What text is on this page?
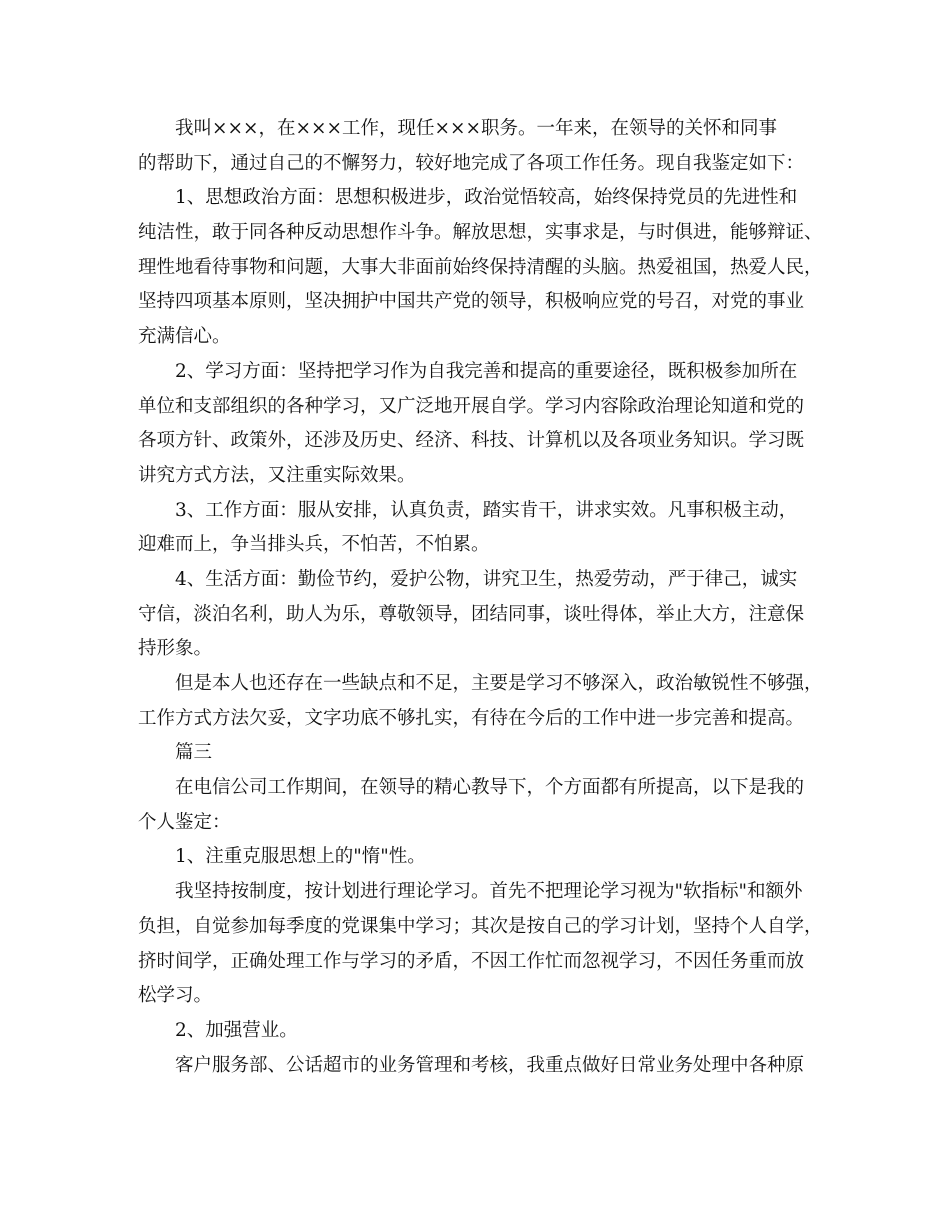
我叫×××，在×××工作，现任×××职务。一年来，在领导的关怀和同事
的帮助下，通过自己的不懈努力，较好地完成了各项工作任务。现自我鉴定如下：
1、思想政治方面：思想积极进步，政治觉悟较高，始终保持党员的先进性和
纯洁性，敢于同各种反动思想作斗争。解放思想，实事求是，与时俱进，能够辩证、
理性地看待事物和问题，大事大非面前始终保持清醒的头脑。热爱祖国，热爱人民，
坚持四项基本原则，坚决拥护中国共产党的领导，积极响应党的号召，对党的事业
充满信心。
2、学习方面：坚持把学习作为自我完善和提高的重要途径，既积极参加所在
单位和支部组织的各种学习，又广泛地开展自学。学习内容除政治理论知道和党的
各项方针、政策外，还涉及历史、经济、科技、计算机以及各项业务知识。学习既
讲究方式方法，又注重实际效果。
3、工作方面：服从安排，认真负责，踏实肯干，讲求实效。凡事积极主动，
迎难而上，争当排头兵，不怕苦，不怕累。
4、生活方面：勤俭节约，爱护公物，讲究卫生，热爱劳动，严于律己，诚实
守信，淡泊名利，助人为乐，尊敬领导，团结同事，谈吐得体，举止大方，注意保
持形象。
但是本人也还存在一些缺点和不足，主要是学习不够深入，政治敏锐性不够强，
工作方式方法欠妥，文字功底不够扎实，有待在今后的工作中进一步完善和提高。
篇三
在电信公司工作期间，在领导的精心教导下，个方面都有所提高，以下是我的
个人鉴定：
1、注重克服思想上的"惰"性。
我坚持按制度，按计划进行理论学习。首先不把理论学习视为"软指标"和额外
负担，自觉参加每季度的党课集中学习；其次是按自己的学习计划，坚持个人自学，
挤时间学，正确处理工作与学习的矛盾，不因工作忙而忽视学习，不因任务重而放
松学习。
2、加强营业。
客户服务部、公话超市的业务管理和考核，我重点做好日常业务处理中各种原
